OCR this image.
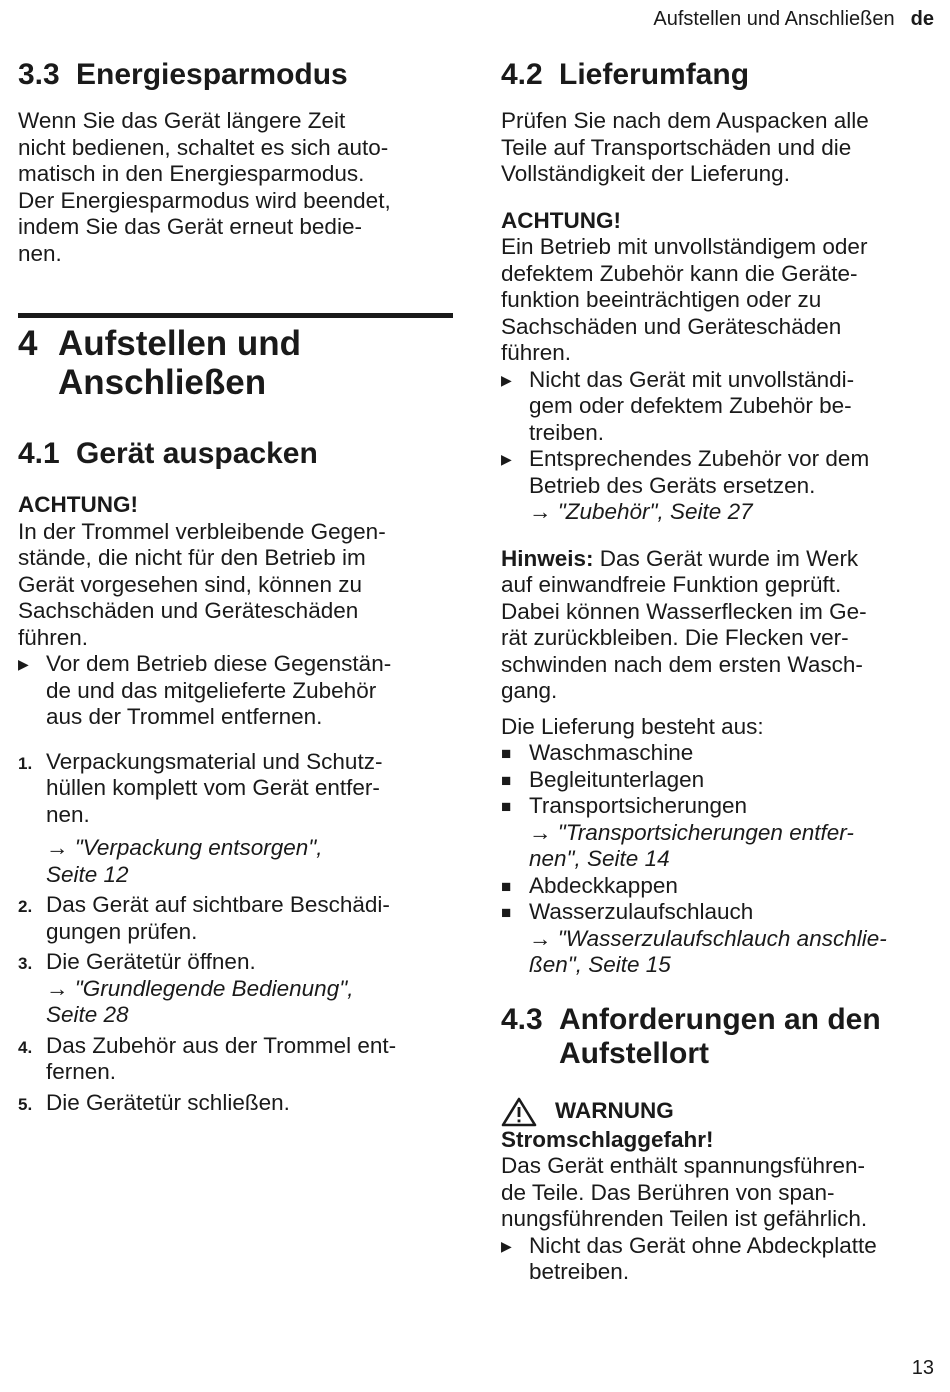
Aufstellen und Anschließen de
3.3 Energiesparmodus

Wenn Sie das Gerät längere Zeit
nicht bedienen, schaltet es sich auto-
matisch in den Energiesparmodus.
Der Energiesparmodus wird beendet,
indem Sie das Gerät erneut bedie-
nen.

4 Aufstellen und
Anschließen
4.1 Gerät auspacken

ACHTUNG!

In der Trommel verbleibende Gegen-
stände, die nicht für den Betrieb im
Gerät vorgesehen sind, können zu
Sachschäden und Geräteschäden
führen.

▶ Vor dem Betrieb diese Gegenstän-
de und das mitgelieferte Zubehör
aus der Trommel entfernen.
1. Verpackungsmaterial und Schutz-
hüllen komplett vom Gerät entfer-
nen.
→ "Verpackung entsorgen",
Seite 12
2. Das Gerät auf sichtbare Beschädi-
gungen prüfen.
3. Die Gerätetür öffnen.
→ "Grundlegende Bedienung",
Seite 28
4. Das Zubehör aus der Trommel ent-
fernen.
5. Die Gerätetür schließen.
4.2 Lieferumfang

Prüfen Sie nach dem Auspacken alle
Teile auf Transportschäden und die
Vollständigkeit der Lieferung.

ACHTUNG!

Ein Betrieb mit unvollständigem oder
defektem Zubehör kann die Geräte-
funktion beeinträchtigen oder zu
Sachschäden und Geräteschäden
führen.

▶ Nicht das Gerät mit unvollständi-
gem oder defektem Zubehör be-
treiben.
▶ Entsprechendes Zubehör vor dem
Betrieb des Geräts ersetzen.
→ "Zubehör", Seite 27

Hinweis: Das Gerät wurde im Werk
auf einwandfreie Funktion geprüft.
Dabei können Wasserflecken im Ge-
rät zurückbleiben. Die Flecken ver-
schwinden nach dem ersten Wasch-
gang.

Die Lieferung besteht aus:

■ Waschmaschine
■ Begleitunterlagen
■ Transportsicherungen
→ "Transportsicherungen entfer-
nen", Seite 14
■ Abdeckkappen
■ Wasserzulaufschlauch
→ "Wasserzulaufschlauch anschlie-
ßen", Seite 15
4.3 Anforderungen an den
Aufstellort
WARNUNG

Stromschlaggefahr!

Das Gerät enthält spannungsführen-
de Teile. Das Berühren von span-
nungsführenden Teilen ist gefährlich.

▶ Nicht das Gerät ohne Abdeckplatte
betreiben.
13
